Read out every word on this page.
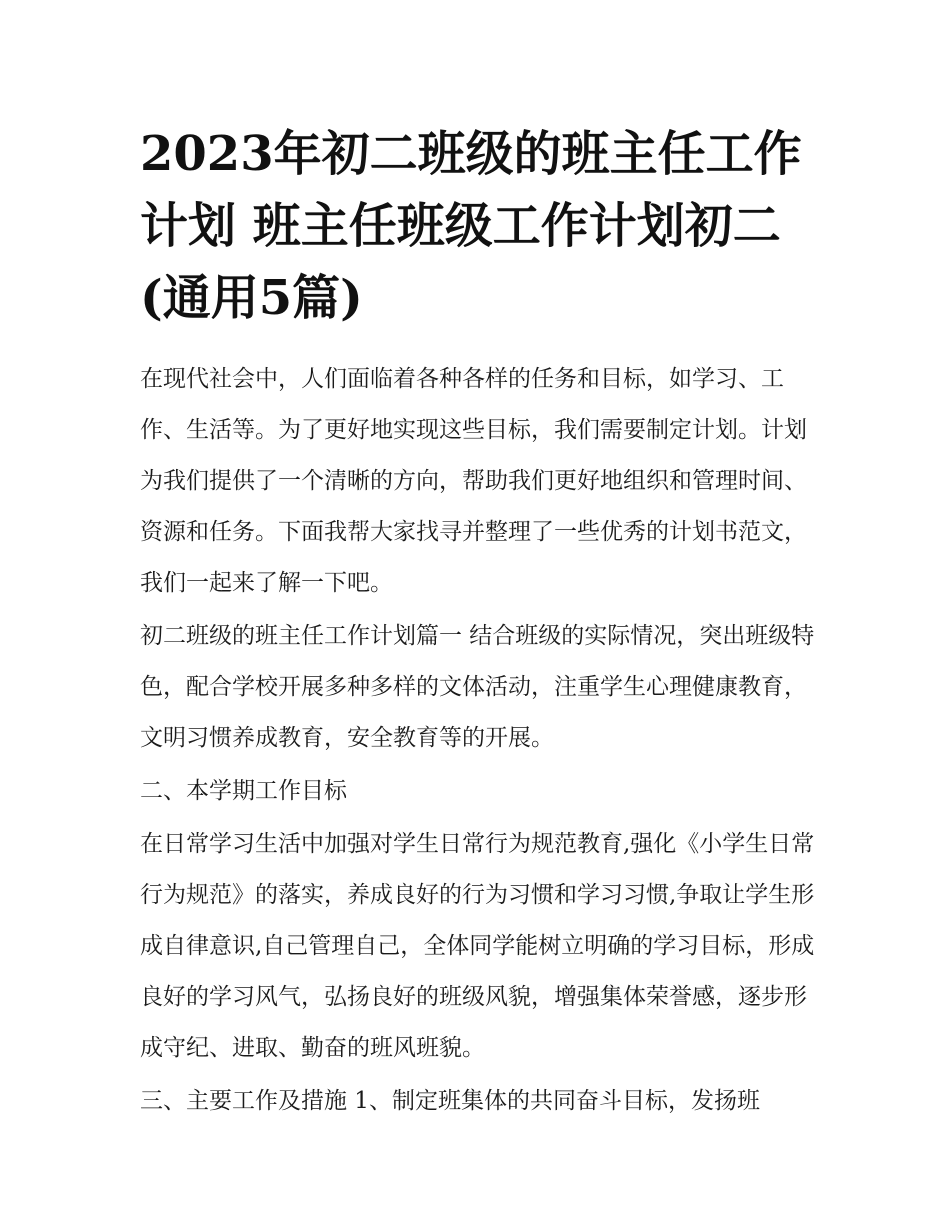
2023年初二班级的班主任工作计划 班主任班级工作计划初二(通用5篇)

在现代社会中，人们面临着各种各样的任务和目标，如学习、工作、生活等。为了更好地实现这些目标，我们需要制定计划。计划为我们提供了一个清晰的方向，帮助我们更好地组织和管理时间、资源和任务。下面我帮大家找寻并整理了一些优秀的计划书范文，我们一起来了解一下吧。

初二班级的班主任工作计划篇一 结合班级的实际情况，突出班级特色，配合学校开展多种多样的文体活动，注重学生心理健康教育，文明习惯养成教育，安全教育等的开展。

二、本学期工作目标

在日常学习生活中加强对学生日常行为规范教育,强化《小学生日常行为规范》的落实，养成良好的行为习惯和学习习惯,争取让学生形成自律意识,自己管理自己，全体同学能树立明确的学习目标，形成良好的学习风气，弘扬良好的班级风貌，增强集体荣誉感，逐步形成守纪、进取、勤奋的班风班貌。

三、主要工作及措施 1、制定班集体的共同奋斗目标，发扬班
